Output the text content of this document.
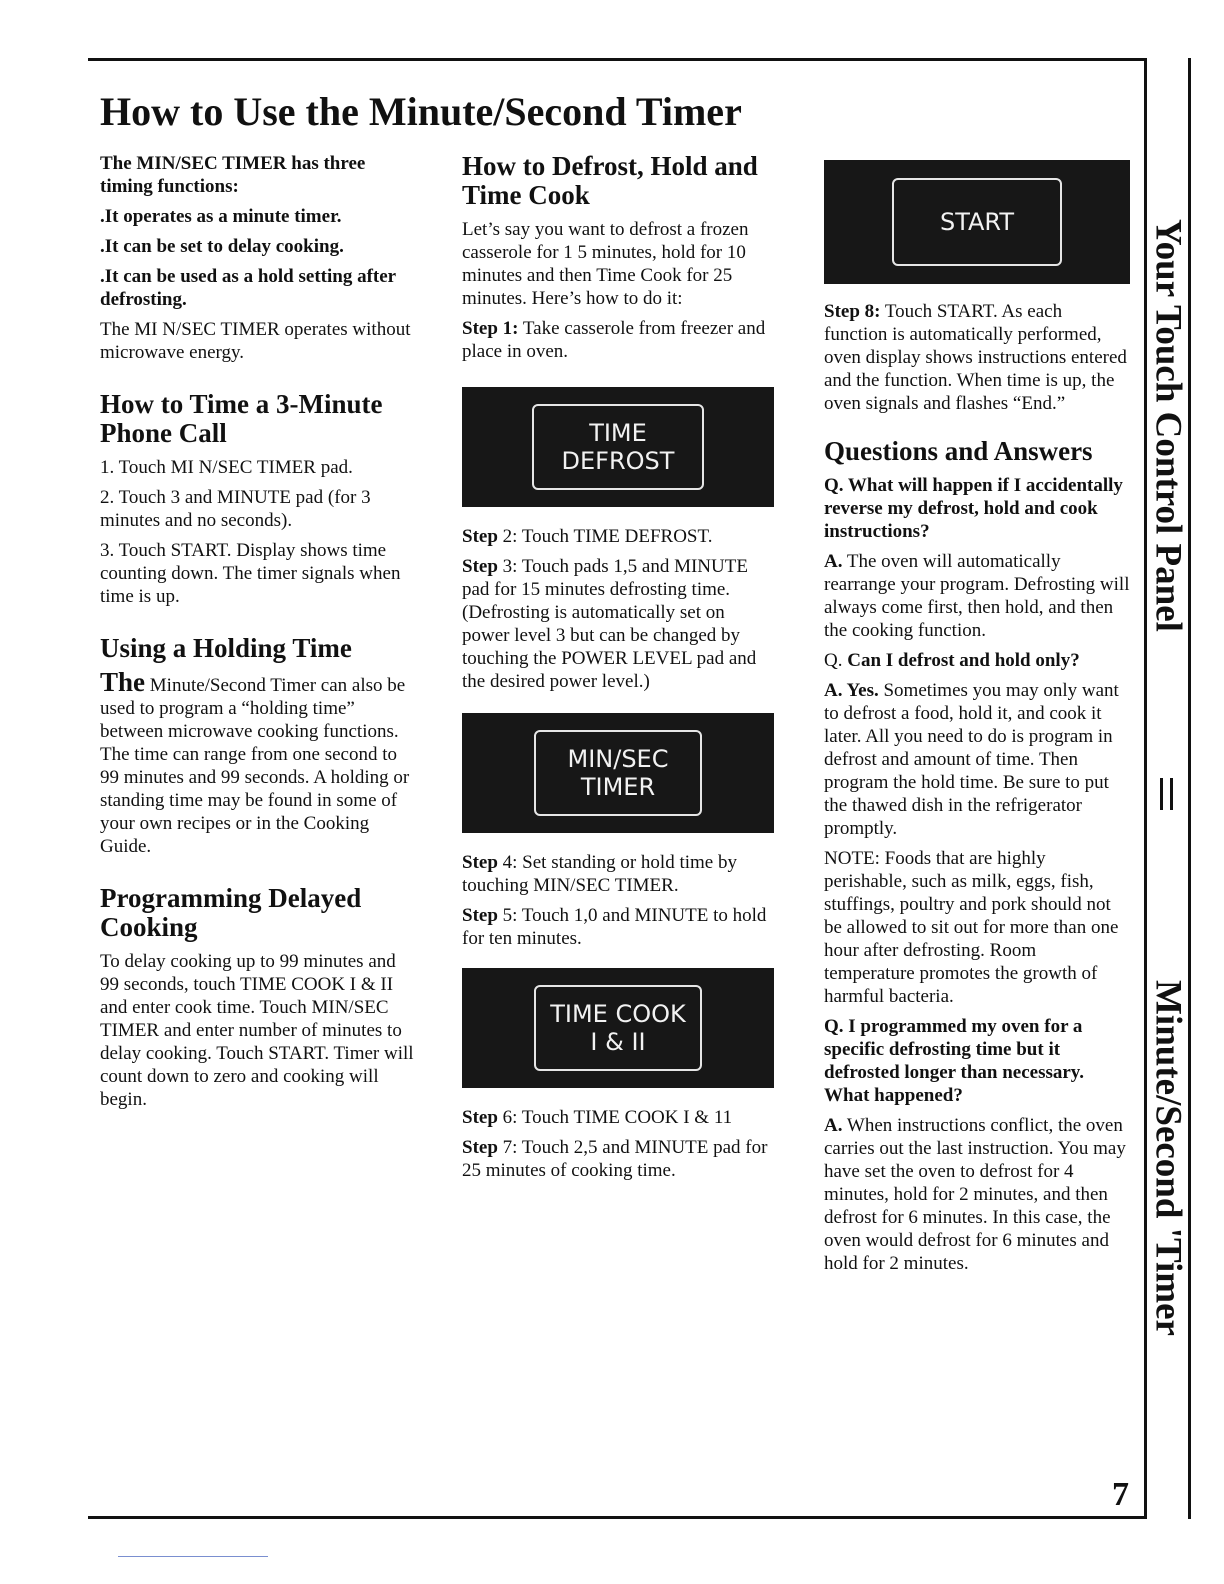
How to Use the Minute/Second Timer

The MIN/SEC TIMER has three timing functions:

.It operates as a minute timer.

.It can be set to delay cooking.

.It can be used as a hold setting after defrosting.

The MI N/SEC TIMER operates without microwave energy.

How to Time a 3-Minute Phone Call

1. Touch MI N/SEC TIMER pad.

2. Touch 3 and MINUTE pad (for 3 minutes and no seconds).

3. Touch START. Display shows time counting down. The timer signals when time is up.

Using a Holding Time

The Minute/Second Timer can also be used to program a “holding time” between microwave cooking functions. The time can range from one second to 99 minutes and 99 seconds. A holding or standing time may be found in some of your own recipes or in the Cooking Guide.

Programming Delayed Cooking

To delay cooking up to 99 minutes and 99 seconds, touch TIME COOK I & II and enter cook time. Touch MIN/SEC TIMER and enter number of minutes to delay cooking. Touch START. Timer will count down to zero and cooking will begin.

How to Defrost, Hold and Time Cook

Let’s say you want to defrost a frozen casserole for 1 5 minutes, hold for 10 minutes and then Time Cook for 25 minutes. Here’s how to do it:

Step 1: Take casserole from freezer and place in oven.

TIME
DEFROST

Step 2: Touch TIME DEFROST.

Step 3: Touch pads 1,5 and MINUTE pad for 15 minutes defrosting time. (Defrosting is automatically set on power level 3 but can be changed by touching the POWER LEVEL pad and the desired power level.)

MIN/SEC
TIMER

Step 4: Set standing or hold time by touching MIN/SEC TIMER.

Step 5: Touch 1,0 and MINUTE to hold for ten minutes.

TIME COOK
I & II

Step 6: Touch TIME COOK I & 11

Step 7: Touch 2,5 and MINUTE pad for 25 minutes of cooking time.

START

Step 8: Touch START. As each function is automatically performed, oven display shows instructions entered and the function. When time is up, the oven signals and flashes “End.”

Questions and Answers

Q. What will happen if I accidentally reverse my defrost, hold and cook instructions?

A. The oven will automatically rearrange your program. Defrosting will always come first, then hold, and then the cooking function.

Q. Can I defrost and hold only?

A. Yes. Sometimes you may only want to defrost a food, hold it, and cook it later. All you need to do is program in defrost and amount of time. Then program the hold time. Be sure to put the thawed dish in the refrigerator promptly.

NOTE: Foods that are highly perishable, such as milk, eggs, fish, stuffings, poultry and pork should not be allowed to sit out for more than one hour after defrosting. Room temperature promotes the growth of harmful bacteria.

Q. I programmed my oven for a specific defrosting time but it defrosted longer than necessary. What happened?

A. When instructions conflict, the oven carries out the last instruction. You may have set the oven to defrost for 4 minutes, hold for 2 minutes, and then defrost for 6 minutes. In this case, the oven would defrost for 6 minutes and hold for 2 minutes.

Your Touch Control Panel
Minute/Second 'Timer
7
